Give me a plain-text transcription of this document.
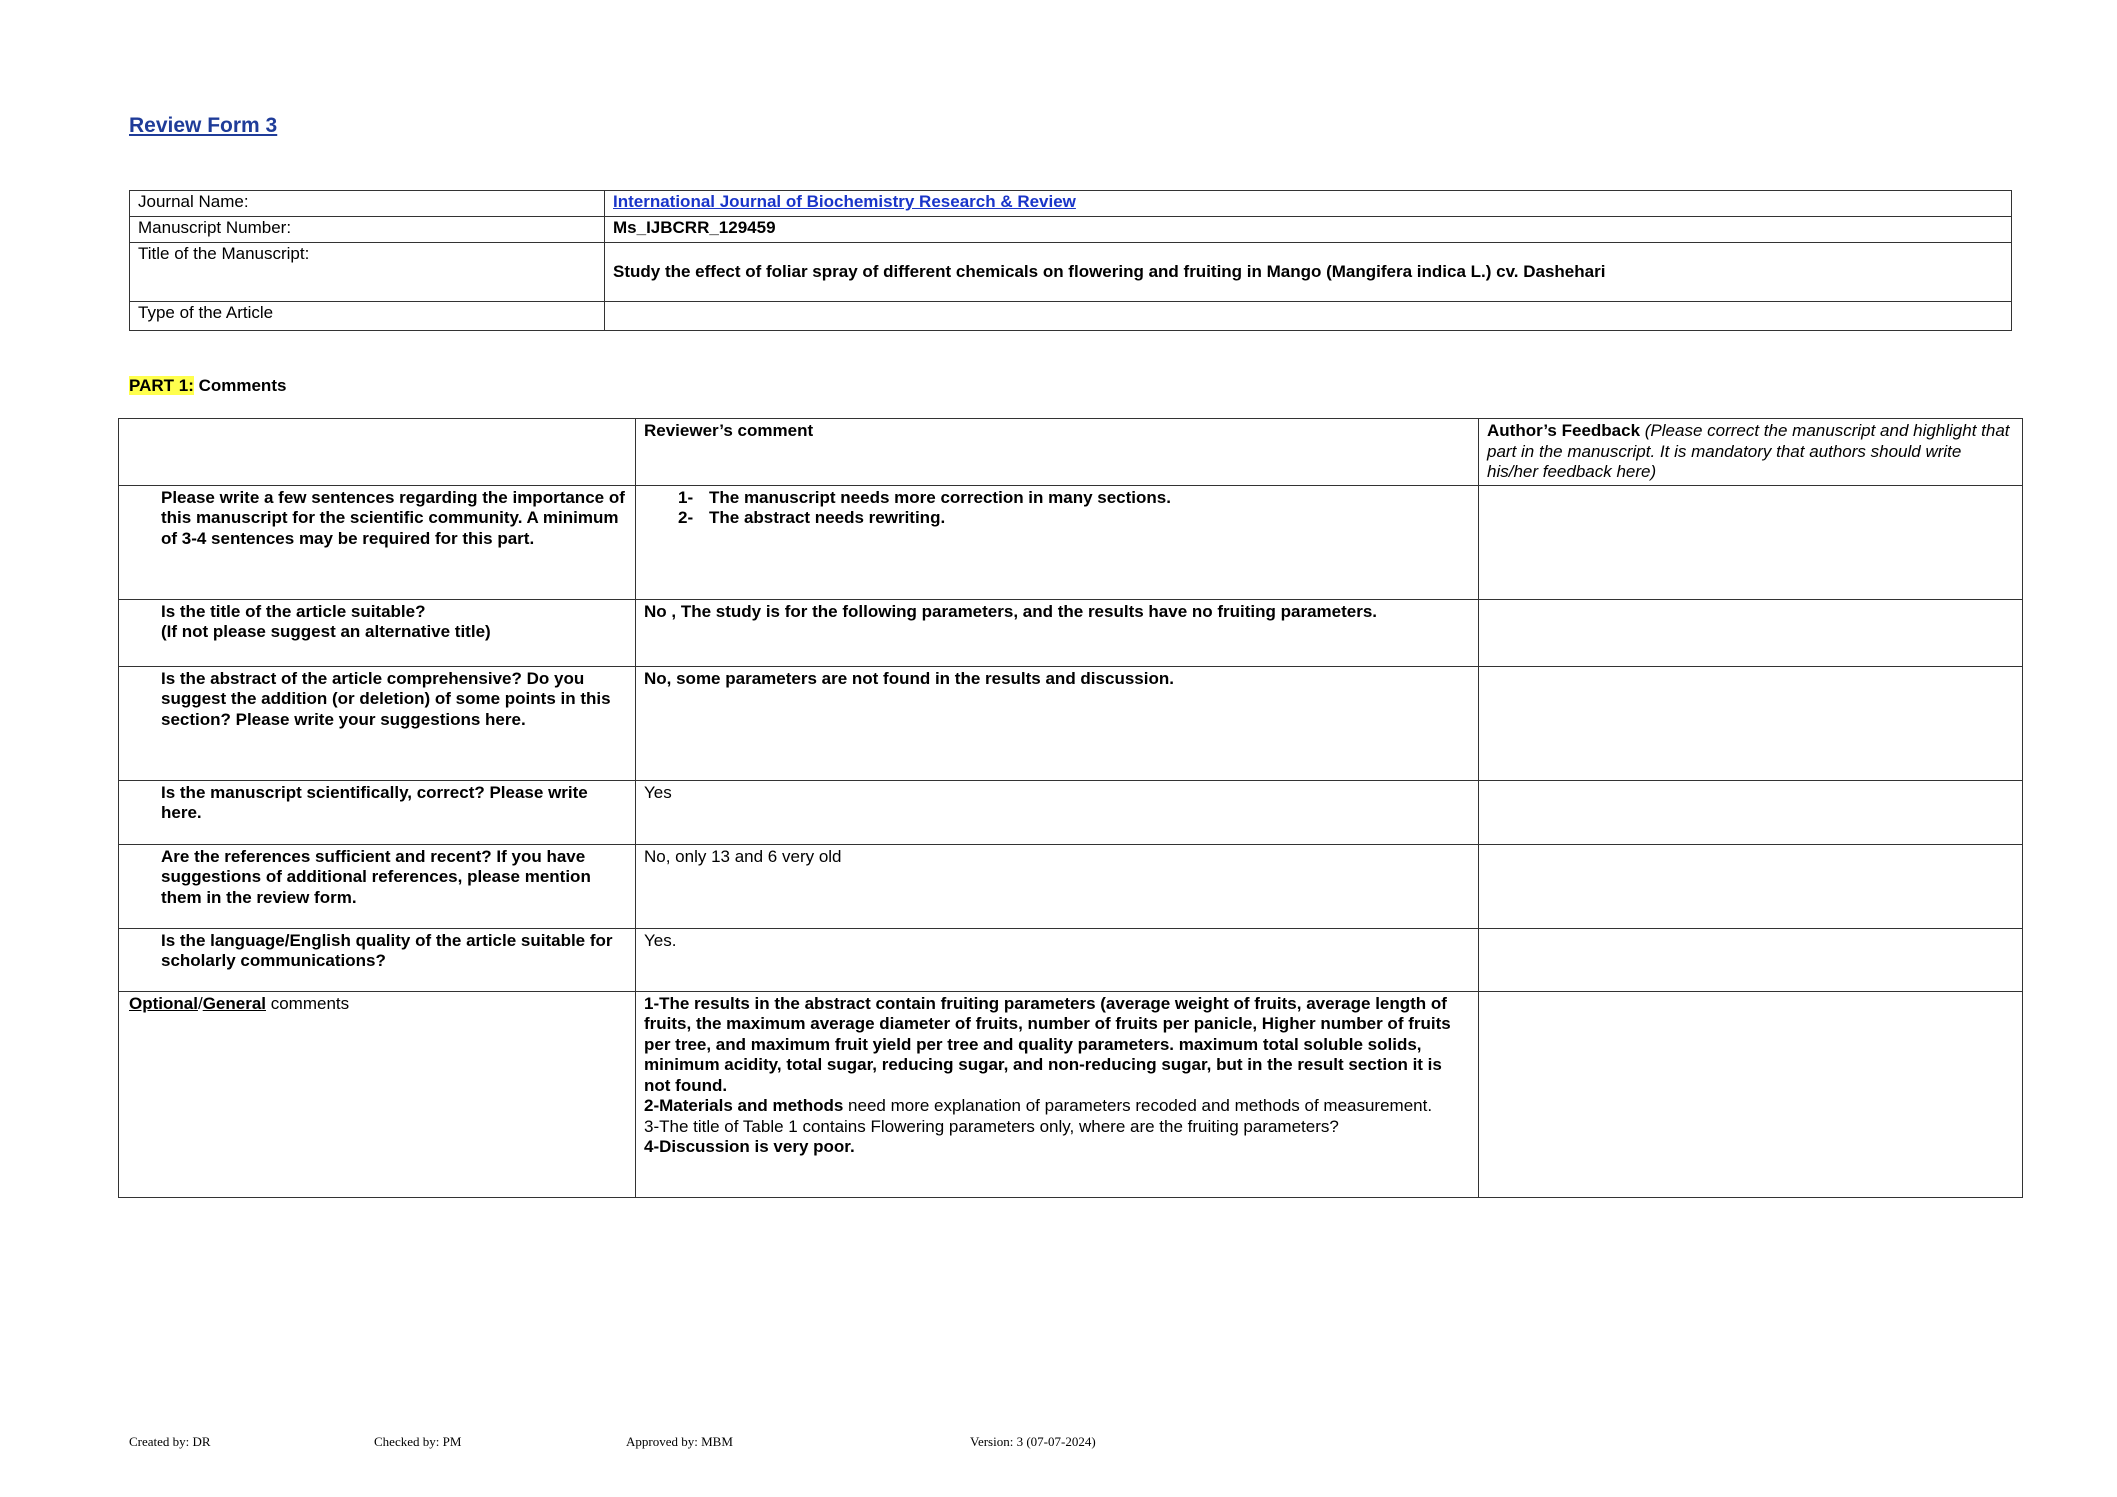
Review Form 3
Journal Name:	International Journal of Biochemistry Research & Review
Manuscript Number:	Ms_IJBCRR_129459
Title of the Manuscript:	Study the effect of foliar spray of different chemicals on flowering and fruiting in Mango (Mangifera indica L.) cv. Dashehari
Type of the Article	
PART 1: Comments
	Reviewer’s comment	Author’s Feedback (Please correct the manuscript and highlight that part in the manuscript. It is mandatory that authors should write his/her feedback here)
Please write a few sentences regarding the importance of this manuscript for the scientific community. A minimum of 3-4 sentences may be required for this part.	1- The manuscript needs more correction in many sections.
2- The abstract needs rewriting.	

Is the title of the article suitable?
(If not please suggest an alternative title)	No , The study is for the following parameters, and the results have no fruiting parameters.	
Is the abstract of the article comprehensive? Do you suggest the addition (or deletion) of some points in this section? Please write your suggestions here.	No, some parameters are not found in the results and discussion.	
Is the manuscript scientifically, correct? Please write here.	Yes	
Are the references sufficient and recent? If you have suggestions of additional references, please mention them in the review form.	No, only 13 and 6 very old	
Is the language/English quality of the article suitable for scholarly communications?	Yes.	
Optional/General comments	1-The results in the abstract contain fruiting parameters (average weight of fruits, average length of fruits, the maximum average diameter of fruits, number of fruits per panicle, Higher number of fruits per tree, and maximum fruit yield per tree and quality parameters. maximum total soluble solids, minimum acidity, total sugar, reducing sugar, and non-reducing sugar, but in the result section it is not found.
2-Materials and methods need more explanation of parameters recoded and methods of measurement.
3-The title of Table 1 contains Flowering parameters only, where are the fruiting parameters?
4-Discussion is very poor.	

Created by: DR	Checked by: PM	Approved by: MBM	Version: 3 (07-07-2024)
